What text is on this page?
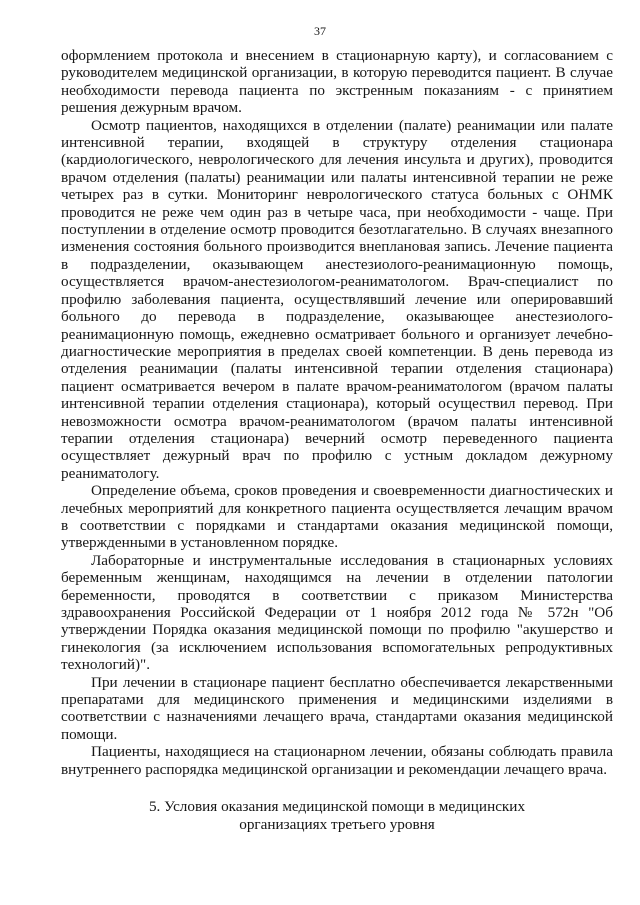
37

оформлением протокола и внесением в стационарную карту), и согласованием с руководителем медицинской организации, в которую переводится пациент. В случае необходимости перевода пациента по экстренным показаниям - с принятием решения дежурным врачом.

Осмотр пациентов, находящихся в отделении (палате) реанимации или палате интенсивной терапии, входящей в структуру отделения стационара (кардиологического, неврологического для лечения инсульта и других), проводится врачом отделения (палаты) реанимации или палаты интенсивной терапии не реже четырех раз в сутки. Мониторинг неврологического статуса больных с ОНМК проводится не реже чем один раз в четыре часа, при необходимости - чаще. При поступлении в отделение осмотр проводится безотлагательно. В случаях внезапного изменения состояния больного производится внеплановая запись. Лечение пациента в подразделении, оказывающем анестезиолого-реанимационную помощь, осуществляется врачом-анестезиологом-реаниматологом. Врач-специалист по профилю заболевания пациента, осуществлявший лечение или оперировавший больного до перевода в подразделение, оказывающее анестезиолого-реанимационную помощь, ежедневно осматривает больного и организует лечебно-диагностические мероприятия в пределах своей компетенции. В день перевода из отделения реанимации (палаты интенсивной терапии отделения стационара) пациент осматривается вечером в палате врачом-реаниматологом (врачом палаты интенсивной терапии отделения стационара), который осуществил перевод. При невозможности осмотра врачом-реаниматологом (врачом палаты интенсивной терапии отделения стационара) вечерний осмотр переведенного пациента осуществляет дежурный врач по профилю с устным докладом дежурному реаниматологу.

Определение объема, сроков проведения и своевременности диагностических и лечебных мероприятий для конкретного пациента осуществляется лечащим врачом в соответствии с порядками и стандартами оказания медицинской помощи, утвержденными в установленном порядке.

Лабораторные и инструментальные исследования в стационарных условиях беременным женщинам, находящимся на лечении в отделении патологии беременности, проводятся в соответствии с приказом Министерства здравоохранения Российской Федерации от 1 ноября 2012 года № 572н "Об утверждении Порядка оказания медицинской помощи по профилю "акушерство и гинекология (за исключением использования вспомогательных репродуктивных технологий)".

При лечении в стационаре пациент бесплатно обеспечивается лекарственными препаратами для медицинского применения и медицинскими изделиями в соответствии с назначениями лечащего врача, стандартами оказания медицинской помощи.

Пациенты, находящиеся на стационарном лечении, обязаны соблюдать правила внутреннего распорядка медицинской организации и рекомендации лечащего врача.

5. Условия оказания медицинской помощи в медицинских
организациях третьего уровня
